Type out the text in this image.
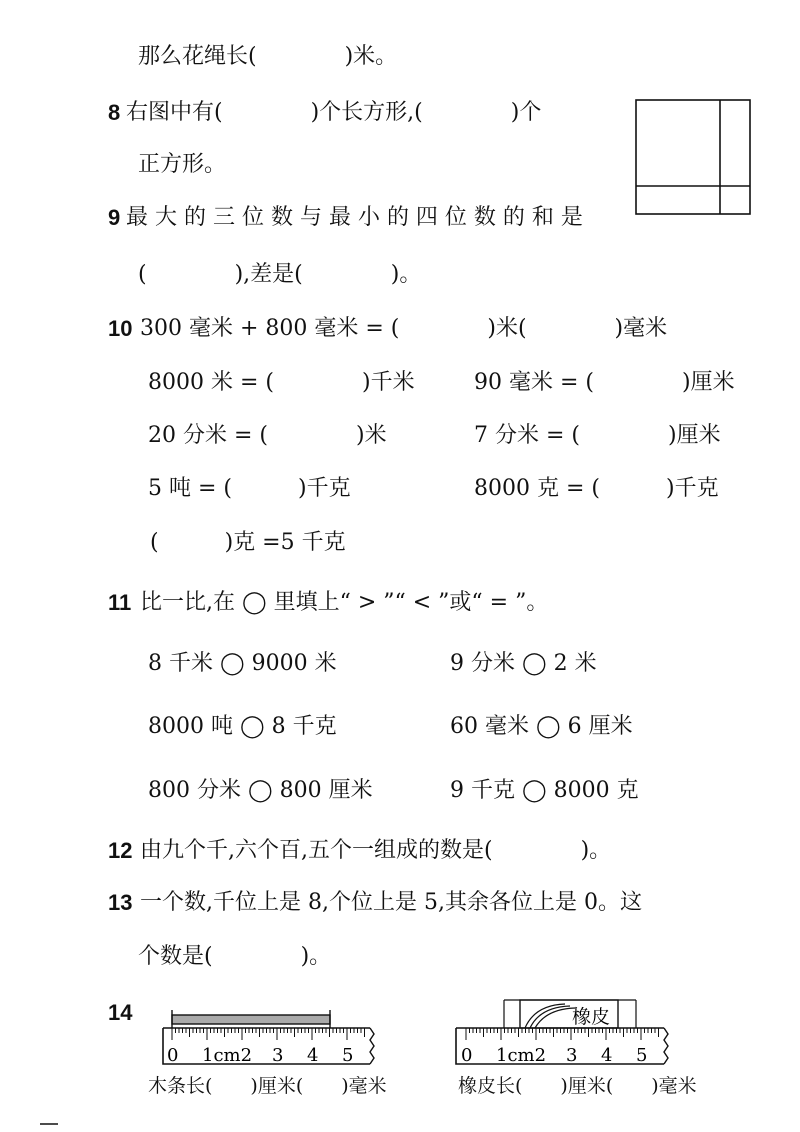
那么花绳长(　　　　)米。
8 右图中有(　　　　)个长方形,(　　　　)个
正方形。
9 最 大 的 三 位 数 与 最 小 的 四 位 数 的 和 是
(　　　　),差是(　　　　)。
10 300 毫米 + 800 毫米 = (　　　　)米(　　　　)毫米
8000 米 = (　　　　)千米	90 毫米 = (　　　　)厘米
20 分米 = (　　　　)米	7 分米 = (　　　　)厘米
5 吨 = (　　　)千克	8000 克 = (　　　)千克
(　　　)克 =5 千克
11 比一比,在 ◯ 里填上“ > ”“ < ”或“ = ”。
8 千米 ◯ 9000 米	9 分米 ◯ 2 米
8000 吨 ◯ 8 千克	60 毫米 ◯ 6 厘米
800 分米 ◯ 800 厘米	9 千克 ◯ 8000 克
12 由九个千,六个百,五个一组成的数是(　　　　)。
13 一个数,千位上是 8,个位上是 5,其余各位上是 0。这
个数是(　　　　)。
14
木条长(　　)厘米(　　)毫米	橡皮长(　　)厘米(　　)毫米
0 1cm2 3 4 5
橡皮
0 1cm2 3 4 5
